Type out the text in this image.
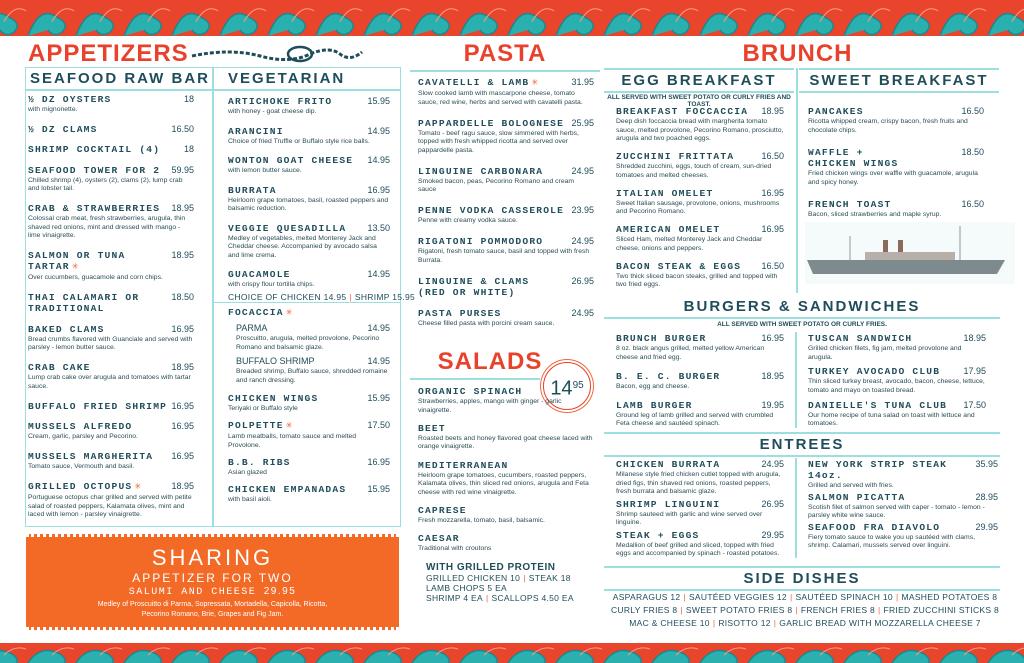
APPETIZERS
SEAFOOD RAW BAR	VEGETARIAN
½ DZ OYSTERS	18
with mignonette.
½ DZ CLAMS	16.50
SHRIMP COCKTAIL (4)	18
SEAFOOD TOWER FOR 2 59.95
Chilled shrimp (4), oysters (2), clams (2), lump crab and lobster tail.
CRAB & STRAWBERRIES 18.95
Colossal crab meat, fresh strawberries, arugula, thin shaved red onions, mint and dressed with mango - lime vinaigrette.
SALMON OR TUNA TARTAR ✳
18.95
Over cucumbers, guacamole and corn chips.
THAI CALAMARI OR
TRADITIONAL
18.50
BAKED CLAMS	16.95
Bread crumbs flavored with Guanciale and served with parsley - lemon butter sauce.
CRAB CAKE	18.95
Lump crab cake over arugula and tomatoes with tartar sauce.
BUFFALO FRIED SHRIMP 16.95
MUSSELS ALFREDO	16.95
Cream, garlic, parsley and Pecorino.
MUSSELS MARGHERITA 16.95
Tomato sauce, Vermouth and basil.
GRILLED OCTOPUS ✳	18.95
Portuguese octopus char grilled and served with petite salad of roasted peppers, Kalamata olives, mint and laced with lemon - parsley vinaigrette.
ARTICHOKE FRITO	15.95
with honey - goat cheese dip.
ARANCINI	14.95
Choice of fried Truffle or Buffalo style rice balls.
WONTON GOAT CHEESE 14.95
with lemon butter sauce.
BURRATA	16.95
Heirloom grape tomatoes, basil, roasted peppers and balsamic reduction.
VEGGIE QUESADILLA 13.50
Medley of vegetables, melted Monterey Jack and Cheddar cheese. Accompanied by avocado salsa and lime crema.
GUACAMOLE	14.95
with crispy flour tortilla chips.
CHOICE OF CHICKEN 14.95 | SHRIMP 15.95
FOCACCIA ✳
PARMA	14.95
Proscuitto, arugula, melted provolone, Pecorino Romano and balsamic glaze.
BUFFALO SHRIMP	14.95
Breaded shrimp, Buffalo sauce, shredded romaine and ranch dressing.
CHICKEN WINGS	15.95
Teriyaki or Buffalo style
POLPETTE ✳	17.50
Lamb meatballs, tomato sauce and melted Provolone.
B.B. RIBS	16.95
Asian glazed
CHICKEN EMPANADAS 15.95
with basil aioli.
SHARING
APPETIZER FOR TWO
SALUMI AND CHEESE 29.95
Medley of Proscuitto di Parma, Sopressata, Mortadella, Capicolla, Ricotta, Pecorino Romano, Brie, Grapes and Fig Jam.
PASTA
CAVATELLI & LAMB ✳	31.95
Slow cooked lamb with mascarpone cheese, tomato sauce, red wine, herbs and served with cavatelli pasta.
PAPPARDELLE BOLOGNESE 25.95
Tomato - beef ragu sauce, slow simmered with herbs, topped with fresh whipped ricotta and served over pappardelle pasta.
LINGUINE CARBONARA	24.95
Smoked bacon, peas, Pecorino Romano and cream sauce
PENNE VODKA CASSEROLE 23.95
Penne with creamy vodka sauce.
RIGATONI POMMODORO	24.95
Rigatoni, fresh tomato sauce, basil and topped with fresh Burrata.
LINGUINE & CLAMS
(RED OR WHITE)
26.95
PASTA PURSES	24.95
Cheese filled pasta with porcini cream sauce.
SALADS
$14^{95}$
ORGANIC SPINACH
Strawberries, apples, mango with ginger - garlic vinaigrette.
BEET
Roasted beets and honey flavored goat cheese laced with orange vinaigrette.
MEDITERRANEAN
Heirloom grape tomatoes, cucumbers, roasted peppers, Kalamata olives, thin sliced red onions, arugula and Feta cheese with red wine vinaigrette.
CAPRESE
Fresh mozzarella, tomato, basil, balsamic.
CAESAR
Traditional with croutons
WITH GRILLED PROTEIN
GRILLED CHICKEN 10 | STEAK 18
LAMB CHOPS 5 EA
SHRIMP 4 EA | SCALLOPS 4.50 EA
BRUNCH
EGG BREAKFAST	SWEET BREAKFAST
ALL SERVED WITH SWEET POTATO OR CURLY FRIES AND TOAST.
BREAKFAST FOCCACCIA 18.95
Deep dish foccaccia bread with margherita tomato sauce, melted provolone, Pecorino Romano, prosciutto, arugula and two poached eggs.
ZUCCHINI FRITTATA	16.50
Shredded zucchini, eggs, touch of cream, sun-dried tomatoes and melted cheeses.
ITALIAN OMELET	16.95
Sweet Italian sausage, provolone, onions, mushrooms and Pecorino Romano.
AMERICAN OMELET	16.95
Sliced Ham, melted Monterey Jack and Cheddar cheese, onions and peppers.
BACON STEAK & EGGS 16.50
Two thick sliced bacon steaks, grilled and topped with two fried eggs.
PANCAKES	16.50
Ricotta whipped cream, crispy bacon, fresh fruits and chocolate chips.
WAFFLE +
CHICKEN WINGS
18.50
Fried chicken wings over waffle with guacamole, arugula and spicy honey.
FRENCH TOAST	16.50
Bacon, sliced strawberries and maple syrup.
BURGERS & SANDWICHES
ALL SERVED WITH SWEET POTATO OR CURLY FRIES.
BRUNCH BURGER	16.95
8 oz. black angus grilled, melted yellow American cheese and fried egg.
B. E. C. BURGER	18.95
Bacon, egg and cheese.
LAMB BURGER	19.95
Ground leg of lamb grilled and served with crumbled Feta cheese and sautéed spinach.
TUSCAN SANDWICH	18.95
Grilled chicken filets, fig jam, melted provolone and arugula.
TURKEY AVOCADO CLUB	17.95
Thin sliced turkey breast, avocado, bacon, cheese, lettuce, tomato and mayo on toasted bread.
DANIELLE'S TUNA CLUB 17.50
Our home recipe of tuna salad on toast with lettuce and tomatoes.
ENTREES
CHICKEN BURRATA	24.95
Milanese style fried chicken cutlet topped with arugula, dried figs, thin shaved red onions, roasted peppers, fresh burrata and balsamic glaze.
SHRIMP LINGUINI	26.95
Shrimp sauteed with garlic and wine served over linguine.
STEAK + EGGS	29.95
Medallion of beef grilled and sliced, topped with fried eggs and accompanied by spinach - roasted potatoes.
NEW YORK STRIP STEAK 14oz.
35.95
Grilled and served with fries.
SALMON PICATTA	28.95
Scotish filet of salmon served with caper - tomato - lemon - parsley white wine sauce.
SEAFOOD FRA DIAVOLO	29.95
Fiery tomato sauce to wake you up sautéed with clams, shrimp. Calamari, mussels served over linguini.
SIDE DISHES
ASPARAGUS 12 | SAUTÉED VEGGIES 12 | SAUTÉED SPINACH 10 | MASHED POTATOES 8
CURLY FRIES 8 | SWEET POTATO FRIES 8 | FRENCH FRIES 8 | FRIED ZUCCHINI STICKS 8
MAC & CHEESE 10 | RISOTTO 12 | GARLIC BREAD WITH MOZZARELLA CHEESE 7
